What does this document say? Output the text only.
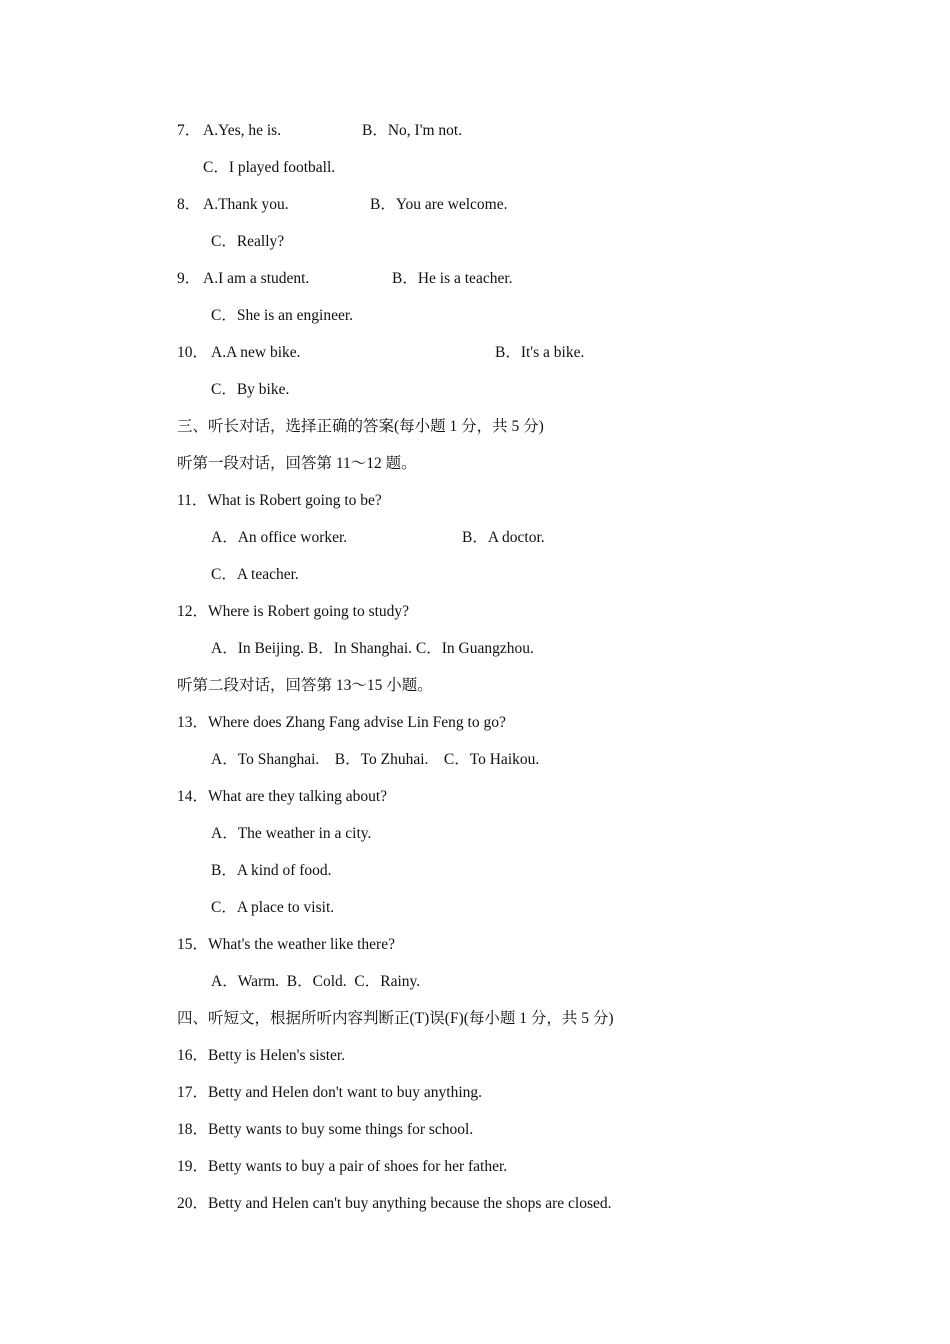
7． A.Yes, he is.	B．No, I'm not.
C．I played football.
8． A.Thank you.	B．You are welcome.
C．Really?
9． A.I am a student.	B．He is a teacher.
C．She is an engineer.
10． A.A new bike.	B．It's a bike.
C．By bike.
三、听长对话，选择正确的答案(每小题 1 分，共 5 分)
听第一段对话，回答第 11～12 题。
11．What is Robert going to be?
A．An office worker.	B．A doctor.
C．A teacher.
12．Where is Robert going to study?
A．In Beijing. B．In Shanghai. C．In Guangzhou.
听第二段对话，回答第 13～15 小题。
13．Where does Zhang Fang advise Lin Feng to go?
A．To Shanghai.    B．To Zhuhai.    C．To Haikou.
14．What are they talking about?
A．The weather in a city.
B．A kind of food.
C．A place to visit.
15．What's the weather like there?
A．Warm.  B．Cold.  C．Rainy.
四、听短文，根据所听内容判断正(T)误(F)(每小题 1 分，共 5 分)
16．Betty is Helen's sister.
17．Betty and Helen don't want to buy anything.
18．Betty wants to buy some things for school.
19．Betty wants to buy a pair of shoes for her father.
20．Betty and Helen can't buy anything because the shops are closed.
